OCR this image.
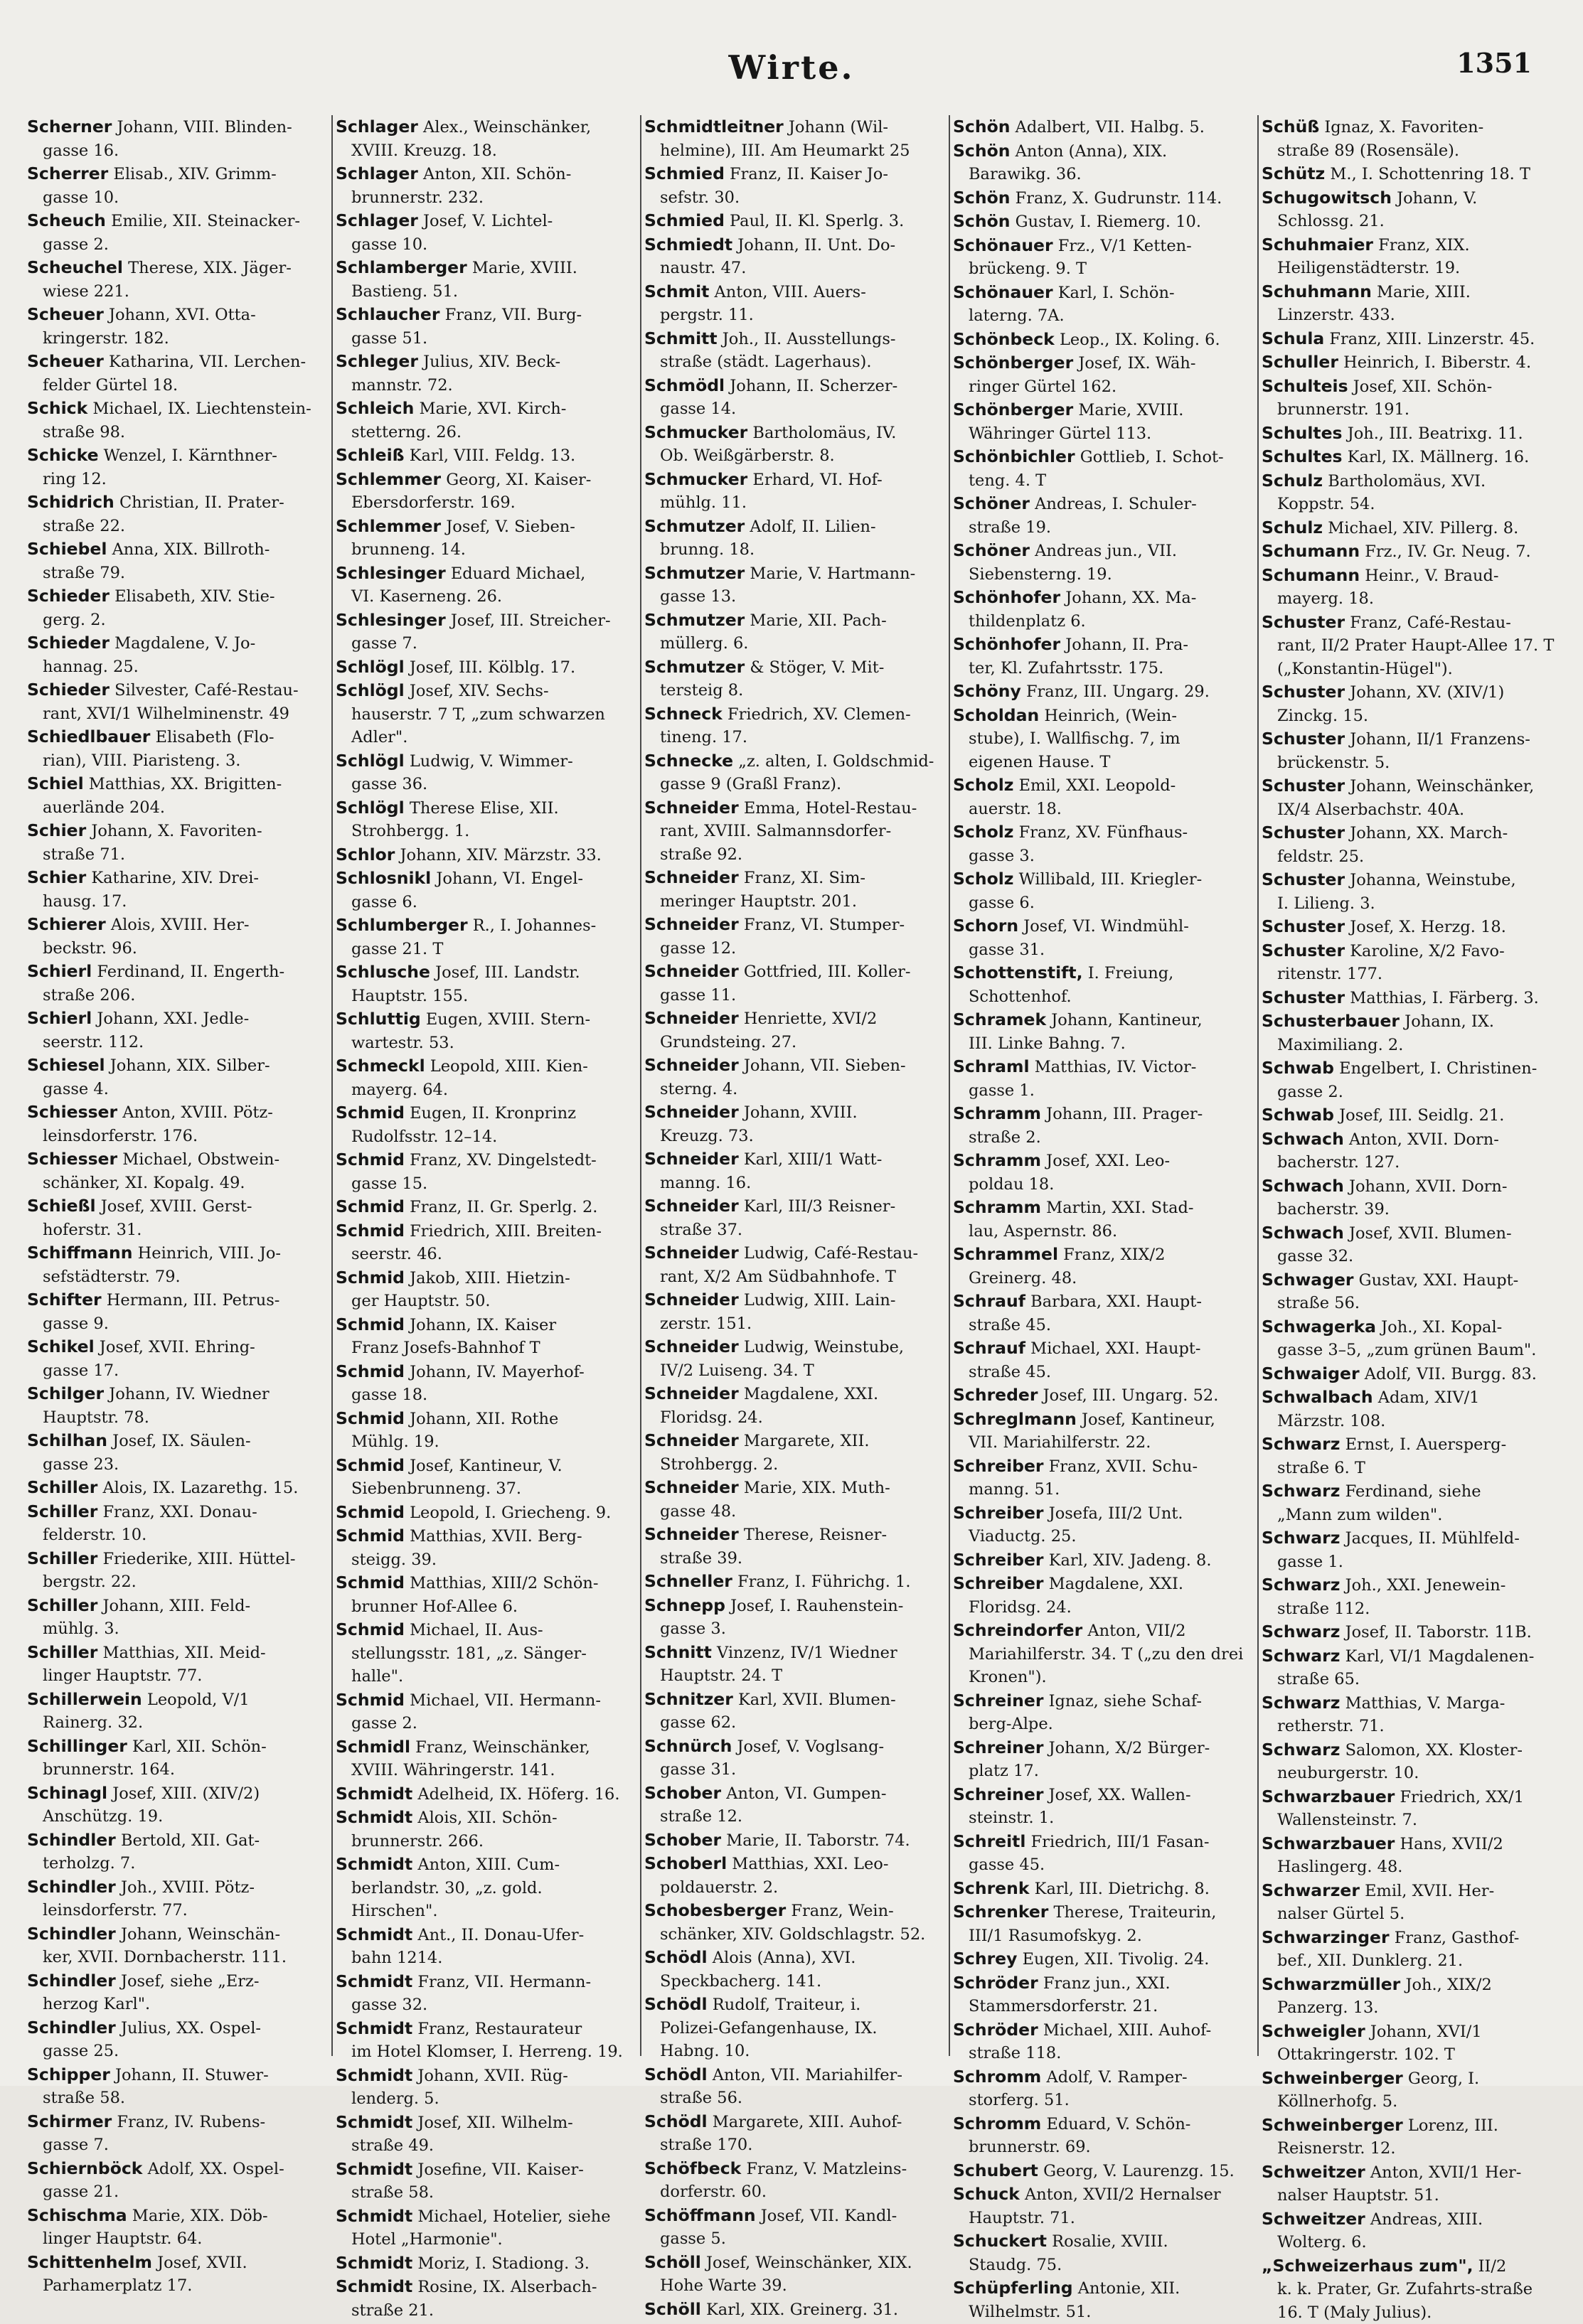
Wirte.	1351

Scherner Johann, VIII. Blinden-
gasse 16.

Scherrer Elisab., XIV. Grimm-
gasse 10.

Scheuch Emilie, XII. Steinacker-
gasse 2.

Scheuchel Therese, XIX. Jäger-
wiese 221.

Scheuer Johann, XVI. Otta-
kringerstr. 182.

Scheuer Katharina, VII. Lerchen-
felder Gürtel 18.

Schick Michael, IX. Liechtenstein-
straße 98.

Schicke Wenzel, I. Kärnthner-
ring 12.

Schidrich Christian, II. Prater-
straße 22.

Schiebel Anna, XIX. Billroth-
straße 79.

Schieder Elisabeth, XIV. Stie-
gerg. 2.

Schieder Magdalene, V. Jo-
hannag. 25.

Schieder Silvester, Café-Restau-
rant, XVI/1 Wilhelminenstr. 49

Schiedlbauer Elisabeth (Flo-
rian), VIII. Piaristeng. 3.

Schiel Matthias, XX. Brigitten-
auerlände 204.

Schier Johann, X. Favoriten-
straße 71.

Schier Katharine, XIV. Drei-
hausg. 17.

Schierer Alois, XVIII. Her-
beckstr. 96.

Schierl Ferdinand, II. Engerth-
straße 206.

Schierl Johann, XXI. Jedle-
seerstr. 112.

Schiesel Johann, XIX. Silber-
gasse 4.

Schiesser Anton, XVIII. Pötz-
leinsdorferstr. 176.

Schiesser Michael, Obstwein-
schänker, XI. Kopalg. 49.

Schießl Josef, XVIII. Gerst-
hoferstr. 31.

Schiffmann Heinrich, VIII. Jo-
sefstädterstr. 79.

Schifter Hermann, III. Petrus-
gasse 9.

Schikel Josef, XVII. Ehring-
gasse 17.

Schilger Johann, IV. Wiedner
Hauptstr. 78.

Schilhan Josef, IX. Säulen-
gasse 23.

Schiller Alois, IX. Lazarethg. 15.

Schiller Franz, XXI. Donau-
felderstr. 10.

Schiller Friederike, XIII. Hüttel-
bergstr. 22.

Schiller Johann, XIII. Feld-
mühlg. 3.

Schiller Matthias, XII. Meid-
linger Hauptstr. 77.

Schillerwein Leopold, V/1
Rainerg. 32.

Schillinger Karl, XII. Schön-
brunnerstr. 164.

Schinagl Josef, XIII. (XIV/2)
Anschützg. 19.

Schindler Bertold, XII. Gat-
terholzg. 7.

Schindler Joh., XVIII. Pötz-
leinsdorferstr. 77.

Schindler Johann, Weinschän-
ker, XVII. Dornbacherstr. 111.

Schindler Josef, siehe „Erz-
herzog Karl".

Schindler Julius, XX. Ospel-
gasse 25.

Schipper Johann, II. Stuwer-
straße 58.

Schirmer Franz, IV. Rubens-
gasse 7.

Schiernböck Adolf, XX. Ospel-
gasse 21.

Schischma Marie, XIX. Döb-
linger Hauptstr. 64.

Schittenhelm Josef, XVII.
Parhamerplatz 17.

Schlager Alex., Weinschänker,
XVIII. Kreuzg. 18.

Schlager Anton, XII. Schön-
brunnerstr. 232.

Schlager Josef, V. Lichtel-
gasse 10.

Schlamberger Marie, XVIII.
Bastieng. 51.

Schlaucher Franz, VII. Burg-
gasse 51.

Schleger Julius, XIV. Beck-
mannstr. 72.

Schleich Marie, XVI. Kirch-
stetterng. 26.

Schleiß Karl, VIII. Feldg. 13.

Schlemmer Georg, XI. Kaiser-
Ebersdorferstr. 169.

Schlemmer Josef, V. Sieben-
brunneng. 14.

Schlesinger Eduard Michael,
VI. Kaserneng. 26.

Schlesinger Josef, III. Streicher-
gasse 7.

Schlögl Josef, III. Kölblg. 17.

Schlögl Josef, XIV. Sechs-
hauserstr. 7 T, „zum schwarzen Adler".

Schlögl Ludwig, V. Wimmer-
gasse 36.

Schlögl Therese Elise, XII.
Strohbergg. 1.

Schlor Johann, XIV. Märzstr. 33.

Schlosnikl Johann, VI. Engel-
gasse 6.

Schlumberger R., I. Johannes-
gasse 21. T

Schlusche Josef, III. Landstr.
Hauptstr. 155.

Schluttig Eugen, XVIII. Stern-
wartestr. 53.

Schmeckl Leopold, XIII. Kien-
mayerg. 64.

Schmid Eugen, II. Kronprinz
Rudolfsstr. 12–14.

Schmid Franz, XV. Dingelstedt-
gasse 15.

Schmid Franz, II. Gr. Sperlg. 2.

Schmid Friedrich, XIII. Breiten-
seerstr. 46.

Schmid Jakob, XIII. Hietzin-
ger Hauptstr. 50.

Schmid Johann, IX. Kaiser
Franz Josefs-Bahnhof T

Schmid Johann, IV. Mayerhof-
gasse 18.

Schmid Johann, XII. Rothe
Mühlg. 19.

Schmid Josef, Kantineur, V.
Siebenbrunneng. 37.

Schmid Leopold, I. Griecheng. 9.

Schmid Matthias, XVII. Berg-
steigg. 39.

Schmid Matthias, XIII/2 Schön-
brunner Hof-Allee 6.

Schmid Michael, II. Aus-
stellungsstr. 181, „z. Sänger-halle".

Schmid Michael, VII. Hermann-
gasse 2.

Schmidl Franz, Weinschänker,
XVIII. Währingerstr. 141.

Schmidt Adelheid, IX. Höferg. 16.

Schmidt Alois, XII. Schön-
brunnerstr. 266.

Schmidt Anton, XIII. Cum-
berlandstr. 30, „z. gold. Hirschen".

Schmidt Ant., II. Donau-Ufer-
bahn 1214.

Schmidt Franz, VII. Hermann-
gasse 32.

Schmidt Franz, Restaurateur
im Hotel Klomser, I. Herreng. 19.

Schmidt Johann, XVII. Rüg-
lenderg. 5.

Schmidt Josef, XII. Wilhelm-
straße 49.

Schmidt Josefine, VII. Kaiser-
straße 58.

Schmidt Michael, Hotelier, siehe
Hotel „Harmonie".

Schmidt Moriz, I. Stadiong. 3.

Schmidt Rosine, IX. Alserbach-
straße 21.

Schmidtleitner Johann (Wil-
helmine), III. Am Heumarkt 25

Schmied Franz, II. Kaiser Jo-
sefstr. 30.

Schmied Paul, II. Kl. Sperlg. 3.

Schmiedt Johann, II. Unt. Do-
naustr. 47.

Schmit Anton, VIII. Auers-
pergstr. 11.

Schmitt Joh., II. Ausstellungs-
straße (städt. Lagerhaus).

Schmödl Johann, II. Scherzer-
gasse 14.

Schmucker Bartholomäus, IV.
Ob. Weißgärberstr. 8.

Schmucker Erhard, VI. Hof-
mühlg. 11.

Schmutzer Adolf, II. Lilien-
brunng. 18.

Schmutzer Marie, V. Hartmann-
gasse 13.

Schmutzer Marie, XII. Pach-
müllerg. 6.

Schmutzer & Stöger, V. Mit-
tersteig 8.

Schneck Friedrich, XV. Clemen-
tineng. 17.

Schnecke „z. alten, I. Goldschmid-
gasse 9 (Graßl Franz).

Schneider Emma, Hotel-Restau-
rant, XVIII. Salmannsdorfer-straße 92.

Schneider Franz, XI. Sim-
meringer Hauptstr. 201.

Schneider Franz, VI. Stumper-
gasse 12.

Schneider Gottfried, III. Koller-
gasse 11.

Schneider Henriette, XVI/2
Grundsteing. 27.

Schneider Johann, VII. Sieben-
sterng. 4.

Schneider Johann, XVIII.
Kreuzg. 73.

Schneider Karl, XIII/1 Watt-
manng. 16.

Schneider Karl, III/3 Reisner-
straße 37.

Schneider Ludwig, Café-Restau-
rant, X/2 Am Südbahnhofe. T

Schneider Ludwig, XIII. Lain-
zerstr. 151.

Schneider Ludwig, Weinstube,
IV/2 Luiseng. 34. T

Schneider Magdalene, XXI.
Floridsg. 24.

Schneider Margarete, XII.
Strohbergg. 2.

Schneider Marie, XIX. Muth-
gasse 48.

Schneider Therese, Reisner-
straße 39.

Schneller Franz, I. Führichg. 1.

Schnepp Josef, I. Rauhenstein-
gasse 3.

Schnitt Vinzenz, IV/1 Wiedner
Hauptstr. 24. T

Schnitzer Karl, XVII. Blumen-
gasse 62.

Schnürch Josef, V. Voglsang-
gasse 31.

Schober Anton, VI. Gumpen-
straße 12.

Schober Marie, II. Taborstr. 74.

Schoberl Matthias, XXI. Leo-
poldauerstr. 2.

Schobesberger Franz, Wein-
schänker, XIV. Goldschlagstr. 52.

Schödl Alois (Anna), XVI.
Speckbacherg. 141.

Schödl Rudolf, Traiteur, i.
Polizei-Gefangenhause, IX. Habng. 10.

Schödl Anton, VII. Mariahilfer-
straße 56.

Schödl Margarete, XIII. Auhof-
straße 170.

Schöfbeck Franz, V. Matzleins-
dorferstr. 60.

Schöffmann Josef, VII. Kandl-
gasse 5.

Schöll Josef, Weinschänker, XIX.
Hohe Warte 39.

Schöll Karl, XIX. Greinerg. 31.

Schön Adalbert, VII. Halbg. 5.

Schön Anton (Anna), XIX.
Barawikg. 36.

Schön Franz, X. Gudrunstr. 114.

Schön Gustav, I. Riemerg. 10.

Schönauer Frz., V/1 Ketten-
brückeng. 9. T

Schönauer Karl, I. Schön-
laterng. 7A.

Schönbeck Leop., IX. Koling. 6.

Schönberger Josef, IX. Wäh-
ringer Gürtel 162.

Schönberger Marie, XVIII.
Währinger Gürtel 113.

Schönbichler Gottlieb, I. Schot-
teng. 4. T

Schöner Andreas, I. Schuler-
straße 19.

Schöner Andreas jun., VII.
Siebensterng. 19.

Schönhofer Johann, XX. Ma-
thildenplatz 6.

Schönhofer Johann, II. Pra-
ter, Kl. Zufahrtsstr. 175.

Schöny Franz, III. Ungarg. 29.

Scholdan Heinrich, (Wein-
stube), I. Wallfischg. 7, im eigenen Hause. T

Scholz Emil, XXI. Leopold-
auerstr. 18.

Scholz Franz, XV. Fünfhaus-
gasse 3.

Scholz Willibald, III. Kriegler-
gasse 6.

Schorn Josef, VI. Windmühl-
gasse 31.

Schottenstift, I. Freiung,
Schottenhof.

Schramek Johann, Kantineur,
III. Linke Bahng. 7.

Schraml Matthias, IV. Victor-
gasse 1.

Schramm Johann, III. Prager-
straße 2.

Schramm Josef, XXI. Leo-
poldau 18.

Schramm Martin, XXI. Stad-
lau, Aspernstr. 86.

Schrammel Franz, XIX/2
Greinerg. 48.

Schrauf Barbara, XXI. Haupt-
straße 45.

Schrauf Michael, XXI. Haupt-
straße 45.

Schreder Josef, III. Ungarg. 52.

Schreglmann Josef, Kantineur,
VII. Mariahilferstr. 22.

Schreiber Franz, XVII. Schu-
manng. 51.

Schreiber Josefa, III/2 Unt.
Viaductg. 25.

Schreiber Karl, XIV. Jadeng. 8.

Schreiber Magdalene, XXI.
Floridsg. 24.

Schreindorfer Anton, VII/2
Mariahilferstr. 34. T („zu den drei Kronen").

Schreiner Ignaz, siehe Schaf-
berg-Alpe.

Schreiner Johann, X/2 Bürger-
platz 17.

Schreiner Josef, XX. Wallen-
steinstr. 1.

Schreitl Friedrich, III/1 Fasan-
gasse 45.

Schrenk Karl, III. Dietrichg. 8.

Schrenker Therese, Traiteurin,
III/1 Rasumofskyg. 2.

Schrey Eugen, XII. Tivolig. 24.

Schröder Franz jun., XXI.
Stammersdorferstr. 21.

Schröder Michael, XIII. Auhof-
straße 118.

Schromm Adolf, V. Ramper-
storferg. 51.

Schromm Eduard, V. Schön-
brunnerstr. 69.

Schubert Georg, V. Laurenzg. 15.

Schuck Anton, XVII/2 Hernalser
Hauptstr. 71.

Schuckert Rosalie, XVIII.
Staudg. 75.

Schüpferling Antonie, XII.
Wilhelmstr. 51.

Schüß Ignaz, X. Favoriten-
straße 89 (Rosensäle).

Schütz M., I. Schottenring 18. T

Schugowitsch Johann, V.
Schlossg. 21.

Schuhmaier Franz, XIX.
Heiligenstädterstr. 19.

Schuhmann Marie, XIII.
Linzerstr. 433.

Schula Franz, XIII. Linzerstr. 45.

Schuller Heinrich, I. Biberstr. 4.

Schulteis Josef, XII. Schön-
brunnerstr. 191.

Schultes Joh., III. Beatrixg. 11.

Schultes Karl, IX. Mällnerg. 16.

Schulz Bartholomäus, XVI.
Koppstr. 54.

Schulz Michael, XIV. Pillerg. 8.

Schumann Frz., IV. Gr. Neug. 7.

Schumann Heinr., V. Braud-
mayerg. 18.

Schuster Franz, Café-Restau-
rant, II/2 Prater Haupt-Allee 17. T („Konstantin-Hügel").

Schuster Johann, XV. (XIV/1)
Zinckg. 15.

Schuster Johann, II/1 Franzens-
brückenstr. 5.

Schuster Johann, Weinschänker,
IX/4 Alserbachstr. 40A.

Schuster Johann, XX. March-
feldstr. 25.

Schuster Johanna, Weinstube,
I. Lilieng. 3.

Schuster Josef, X. Herzg. 18.

Schuster Karoline, X/2 Favo-
ritenstr. 177.

Schuster Matthias, I. Färberg. 3.

Schusterbauer Johann, IX.
Maximiliang. 2.

Schwab Engelbert, I. Christinen-
gasse 2.

Schwab Josef, III. Seidlg. 21.

Schwach Anton, XVII. Dorn-
bacherstr. 127.

Schwach Johann, XVII. Dorn-
bacherstr. 39.

Schwach Josef, XVII. Blumen-
gasse 32.

Schwager Gustav, XXI. Haupt-
straße 56.

Schwagerka Joh., XI. Kopal-
gasse 3–5, „zum grünen Baum".

Schwaiger Adolf, VII. Burgg. 83.

Schwalbach Adam, XIV/1
Märzstr. 108.

Schwarz Ernst, I. Auersperg-
straße 6. T

Schwarz Ferdinand, siehe
„Mann zum wilden".

Schwarz Jacques, II. Mühlfeld-
gasse 1.

Schwarz Joh., XXI. Jenewein-
straße 112.

Schwarz Josef, II. Taborstr. 11B.

Schwarz Karl, VI/1 Magdalenen-
straße 65.

Schwarz Matthias, V. Marga-
retherstr. 71.

Schwarz Salomon, XX. Kloster-
neuburgerstr. 10.

Schwarzbauer Friedrich, XX/1
Wallensteinstr. 7.

Schwarzbauer Hans, XVII/2
Haslingerg. 48.

Schwarzer Emil, XVII. Her-
nalser Gürtel 5.

Schwarzinger Franz, Gasthof-
bef., XII. Dunklerg. 21.

Schwarzmüller Joh., XIX/2
Panzerg. 13.

Schweigler Johann, XVI/1
Ottakringerstr. 102. T

Schweinberger Georg, I.
Köllnerhofg. 5.

Schweinberger Lorenz, III.
Reisnerstr. 12.

Schweitzer Anton, XVII/1 Her-
nalser Hauptstr. 51.

Schweitzer Andreas, XIII.
Wolterg. 6.

„Schweizerhaus zum", II/2
k. k. Prater, Gr. Zufahrts-straße 16. T (Maly Julius).
